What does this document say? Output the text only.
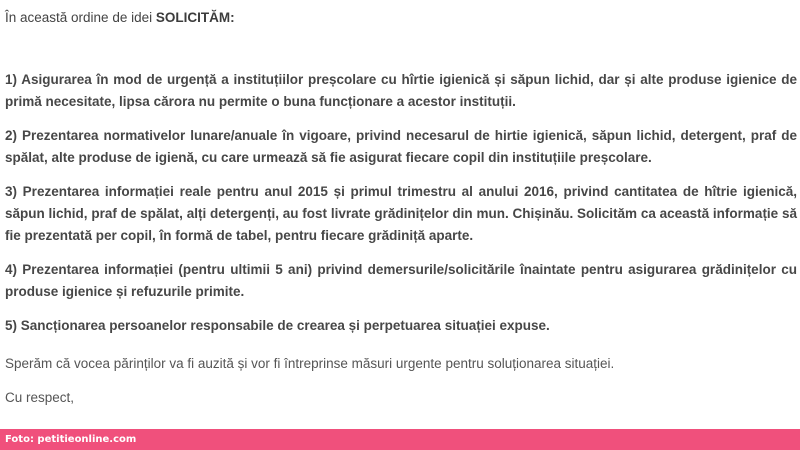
În această ordine de idei SOLICITĂM:

1) Asigurarea în mod de urgență a instituțiilor preșcolare cu hîrtie igienică și săpun lichid, dar și alte produse igienice de primă necesitate, lipsa cărora nu permite o buna funcționare a acestor instituții.

2) Prezentarea normativelor lunare/anuale în vigoare, privind necesarul de hirtie igienică, săpun lichid, detergent, praf de spălat, alte produse de igienă, cu care urmează să fie asigurat fiecare copil din instituțiile preșcolare.

3) Prezentarea informației reale pentru anul 2015 și primul trimestru al anului 2016, privind cantitatea de hîtrie igienică, săpun lichid, praf de spălat, alți detergenți, au fost livrate grădinițelor din mun. Chișinău. Solicităm ca această informație să fie prezentată per copil, în formă de tabel, pentru fiecare grădiniță aparte.

4) Prezentarea informației (pentru ultimii 5 ani) privind demersurile/solicitările înaintate pentru asigurarea grădinițelor cu produse igienice și refuzurile primite.

5) Sancționarea persoanelor responsabile de crearea și perpetuarea situației expuse.

Sperăm că vocea părinților va fi auzită și vor fi întreprinse măsuri urgente pentru soluționarea situației.

Cu respect,

Foto: petitieonline.com
